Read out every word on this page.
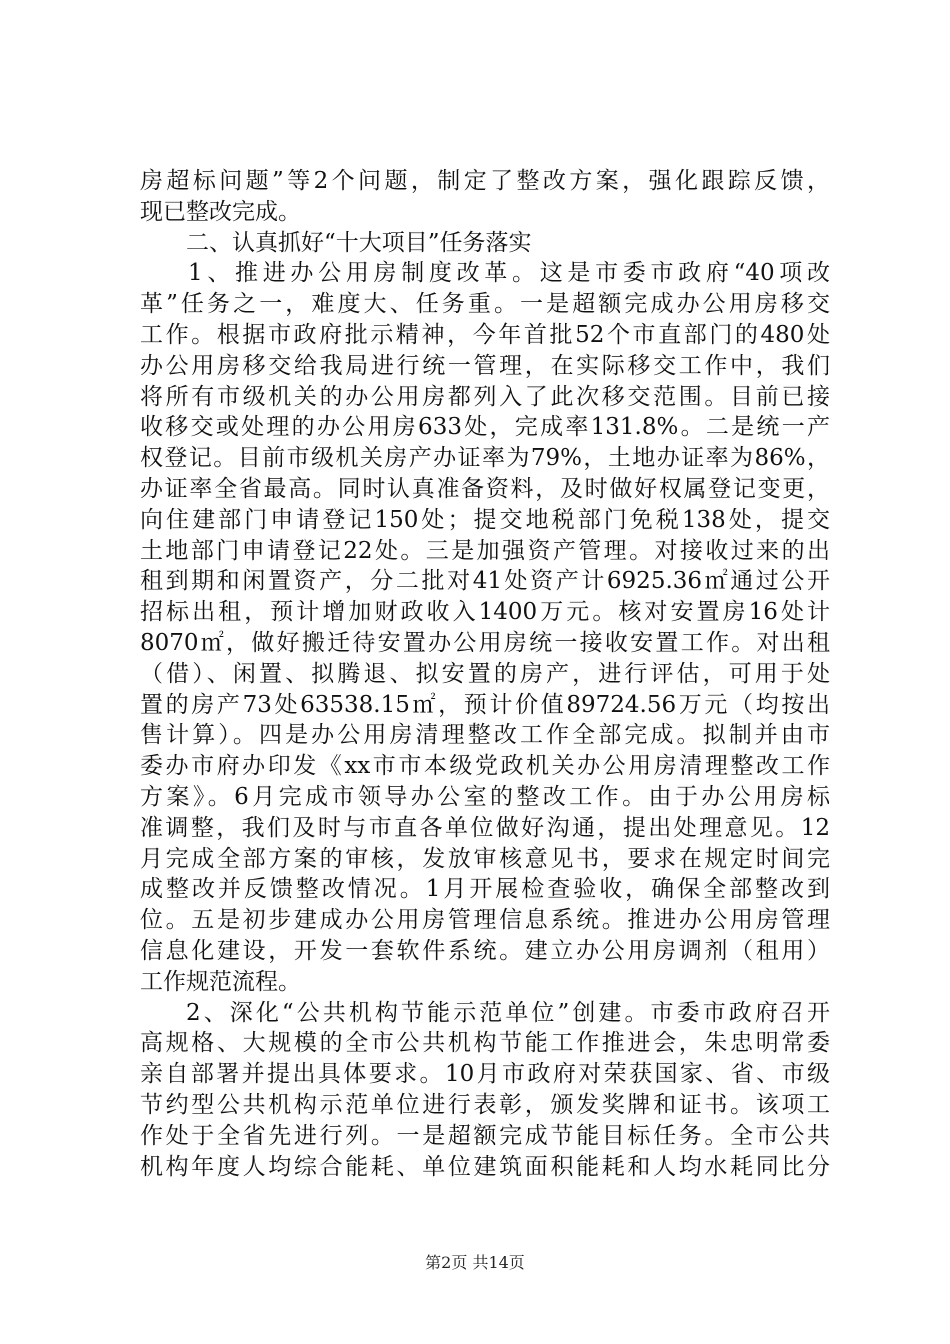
房超标问题”等2个问题，制定了整改方案，强化跟踪反馈，
现已整改完成。
二、认真抓好“十大项目”任务落实
1、推进办公用房制度改革。这是市委市政府“40项改
革”任务之一，难度大、任务重。一是超额完成办公用房移交
工作。根据市政府批示精神，今年首批52个市直部门的480处
办公用房移交给我局进行统一管理，在实际移交工作中，我们
将所有市级机关的办公用房都列入了此次移交范围。目前已接
收移交或处理的办公用房633处，完成率131.8%。二是统一产
权登记。目前市级机关房产办证率为79%，土地办证率为86%，
办证率全省最高。同时认真准备资料，及时做好权属登记变更，
向住建部门申请登记150处；提交地税部门免税138处，提交
土地部门申请登记22处。三是加强资产管理。对接收过来的出
租到期和闲置资产，分二批对41处资产计6925.36㎡通过公开
招标出租，预计增加财政收入1400万元。核对安置房16处计
8070㎡，做好搬迁待安置办公用房统一接收安置工作。对出租
（借）、闲置、拟腾退、拟安置的房产，进行评估，可用于处
置的房产73处63538.15㎡，预计价值89724.56万元（均按出
售计算）。四是办公用房清理整改工作全部完成。拟制并由市
委办市府办印发《xx市市本级党政机关办公用房清理整改工作
方案》。6月完成市领导办公室的整改工作。由于办公用房标
准调整，我们及时与市直各单位做好沟通，提出处理意见。12
月完成全部方案的审核，发放审核意见书，要求在规定时间完
成整改并反馈整改情况。1月开展检查验收，确保全部整改到
位。五是初步建成办公用房管理信息系统。推进办公用房管理
信息化建设，开发一套软件系统。建立办公用房调剂（租用）
工作规范流程。
2、深化“公共机构节能示范单位”创建。市委市政府召开
高规格、大规模的全市公共机构节能工作推进会，朱忠明常委
亲自部署并提出具体要求。10月市政府对荣获国家、省、市级
节约型公共机构示范单位进行表彰，颁发奖牌和证书。该项工
作处于全省先进行列。一是超额完成节能目标任务。全市公共
机构年度人均综合能耗、单位建筑面积能耗和人均水耗同比分
第2页 共14页
